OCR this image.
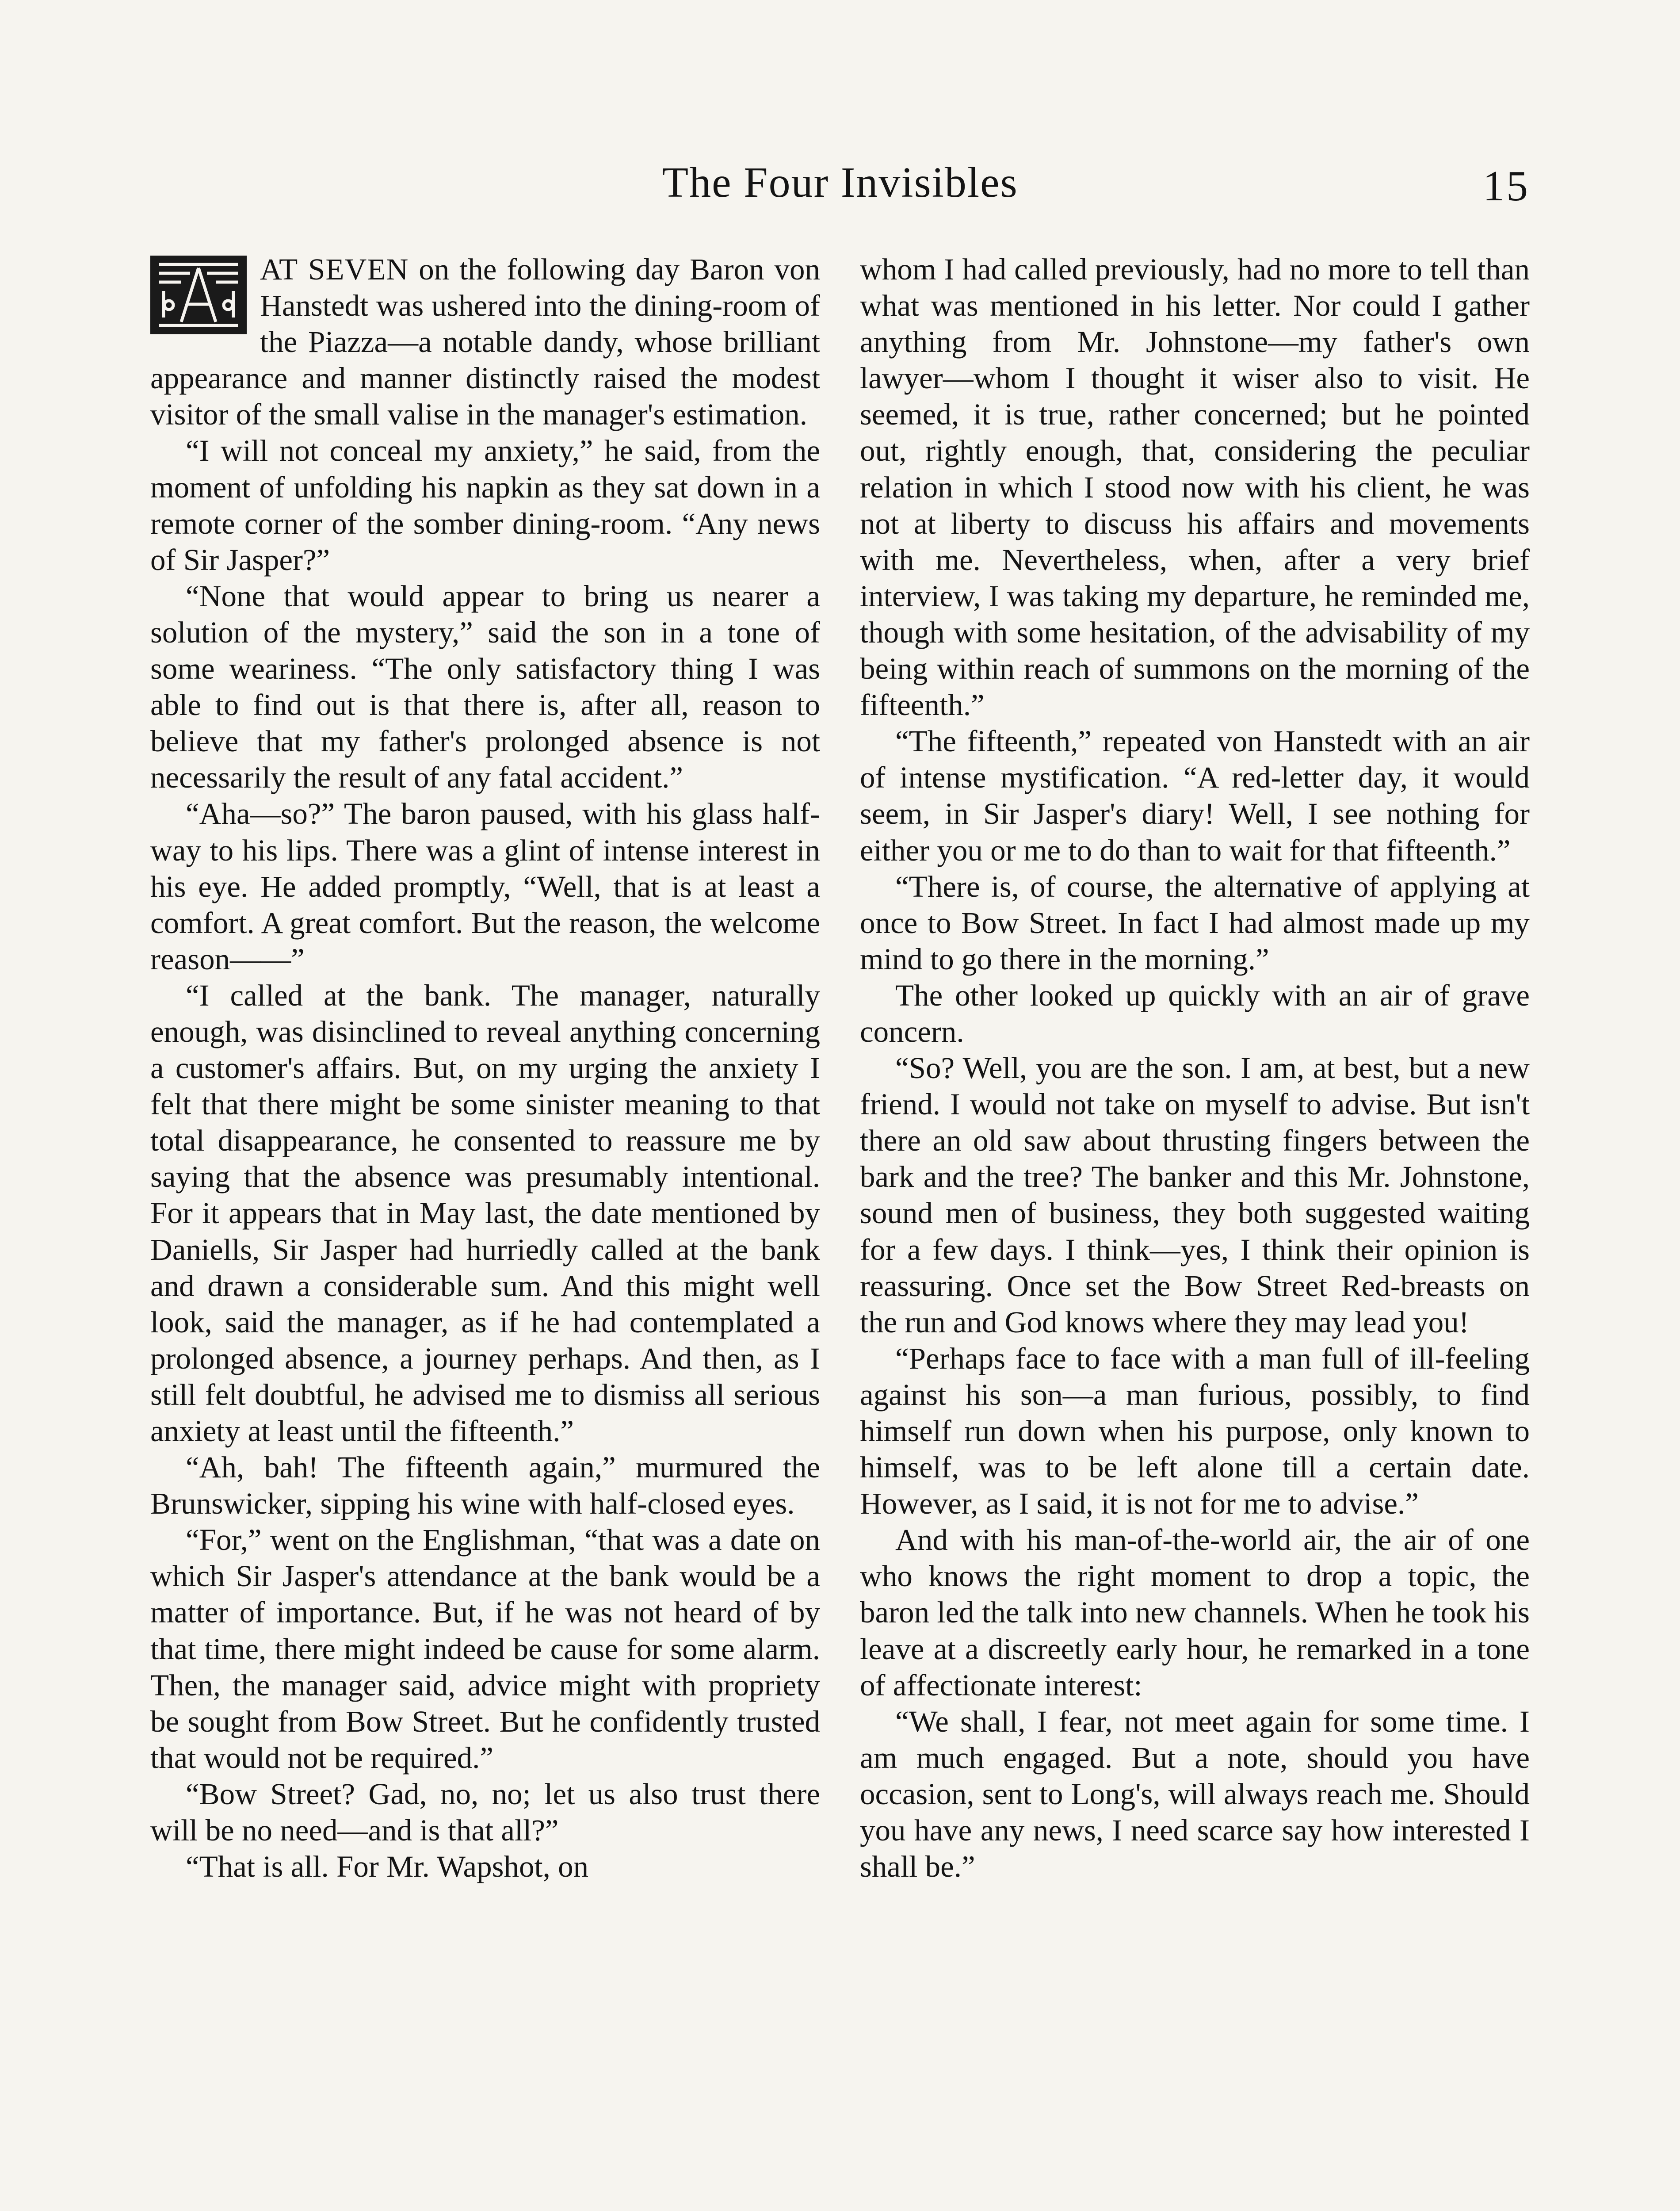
The Four Invisibles	15

AT SEVEN on the following day Baron von Hanstedt was ushered into the dining-room of the Piazza—a notable dandy, whose brilliant appearance and manner distinctly raised the modest visitor of the small valise in the manager's estimation.

“I will not conceal my anxiety,” he said, from the moment of unfolding his napkin as they sat down in a remote corner of the somber dining-room. “Any news of Sir Jasper?”

“None that would appear to bring us nearer a solution of the mystery,” said the son in a tone of some weariness. “The only satisfactory thing I was able to find out is that there is, after all, reason to believe that my father's prolonged absence is not necessarily the result of any fatal accident.”

“Aha—so?” The baron paused, with his glass half-way to his lips. There was a glint of intense interest in his eye. He added promptly, “Well, that is at least a comfort. A great comfort. But the reason, the welcome reason——”

“I called at the bank. The manager, naturally enough, was disinclined to reveal anything concerning a customer's affairs. But, on my urging the anxiety I felt that there might be some sinister meaning to that total disappearance, he consented to reassure me by saying that the absence was presumably intentional. For it appears that in May last, the date mentioned by Daniells, Sir Jasper had hurriedly called at the bank and drawn a considerable sum. And this might well look, said the manager, as if he had contemplated a prolonged absence, a journey perhaps. And then, as I still felt doubtful, he advised me to dismiss all serious anxiety at least until the fifteenth.”

“Ah, bah! The fifteenth again,” murmured the Brunswicker, sipping his wine with half-closed eyes.

“For,” went on the Englishman, “that was a date on which Sir Jasper's attendance at the bank would be a matter of importance. But, if he was not heard of by that time, there might indeed be cause for some alarm. Then, the manager said, advice might with propriety be sought from Bow Street. But he confidently trusted that would not be required.”

“Bow Street? Gad, no, no; let us also trust there will be no need—and is that all?”

“That is all. For Mr. Wapshot, on

whom I had called previously, had no more to tell than what was mentioned in his letter. Nor could I gather anything from Mr. Johnstone—my father's own lawyer—whom I thought it wiser also to visit. He seemed, it is true, rather concerned; but he pointed out, rightly enough, that, considering the peculiar relation in which I stood now with his client, he was not at liberty to discuss his affairs and movements with me. Nevertheless, when, after a very brief interview, I was taking my departure, he reminded me, though with some hesitation, of the advisability of my being within reach of summons on the morning of the fifteenth.”

“The fifteenth,” repeated von Hanstedt with an air of intense mystification. “A red-letter day, it would seem, in Sir Jasper's diary! Well, I see nothing for either you or me to do than to wait for that fifteenth.”

“There is, of course, the alternative of applying at once to Bow Street. In fact I had almost made up my mind to go there in the morning.”

The other looked up quickly with an air of grave concern.

“So? Well, you are the son. I am, at best, but a new friend. I would not take on myself to advise. But isn't there an old saw about thrusting fingers between the bark and the tree? The banker and this Mr. Johnstone, sound men of business, they both suggested waiting for a few days. I think—yes, I think their opinion is reassuring. Once set the Bow Street Red-breasts on the run and God knows where they may lead you!

“Perhaps face to face with a man full of ill-feeling against his son—a man furious, possibly, to find himself run down when his purpose, only known to himself, was to be left alone till a certain date. However, as I said, it is not for me to advise.”

And with his man-of-the-world air, the air of one who knows the right moment to drop a topic, the baron led the talk into new channels. When he took his leave at a discreetly early hour, he remarked in a tone of affectionate interest:

“We shall, I fear, not meet again for some time. I am much engaged. But a note, should you have occasion, sent to Long's, will always reach me. Should you have any news, I need scarce say how interested I shall be.”
